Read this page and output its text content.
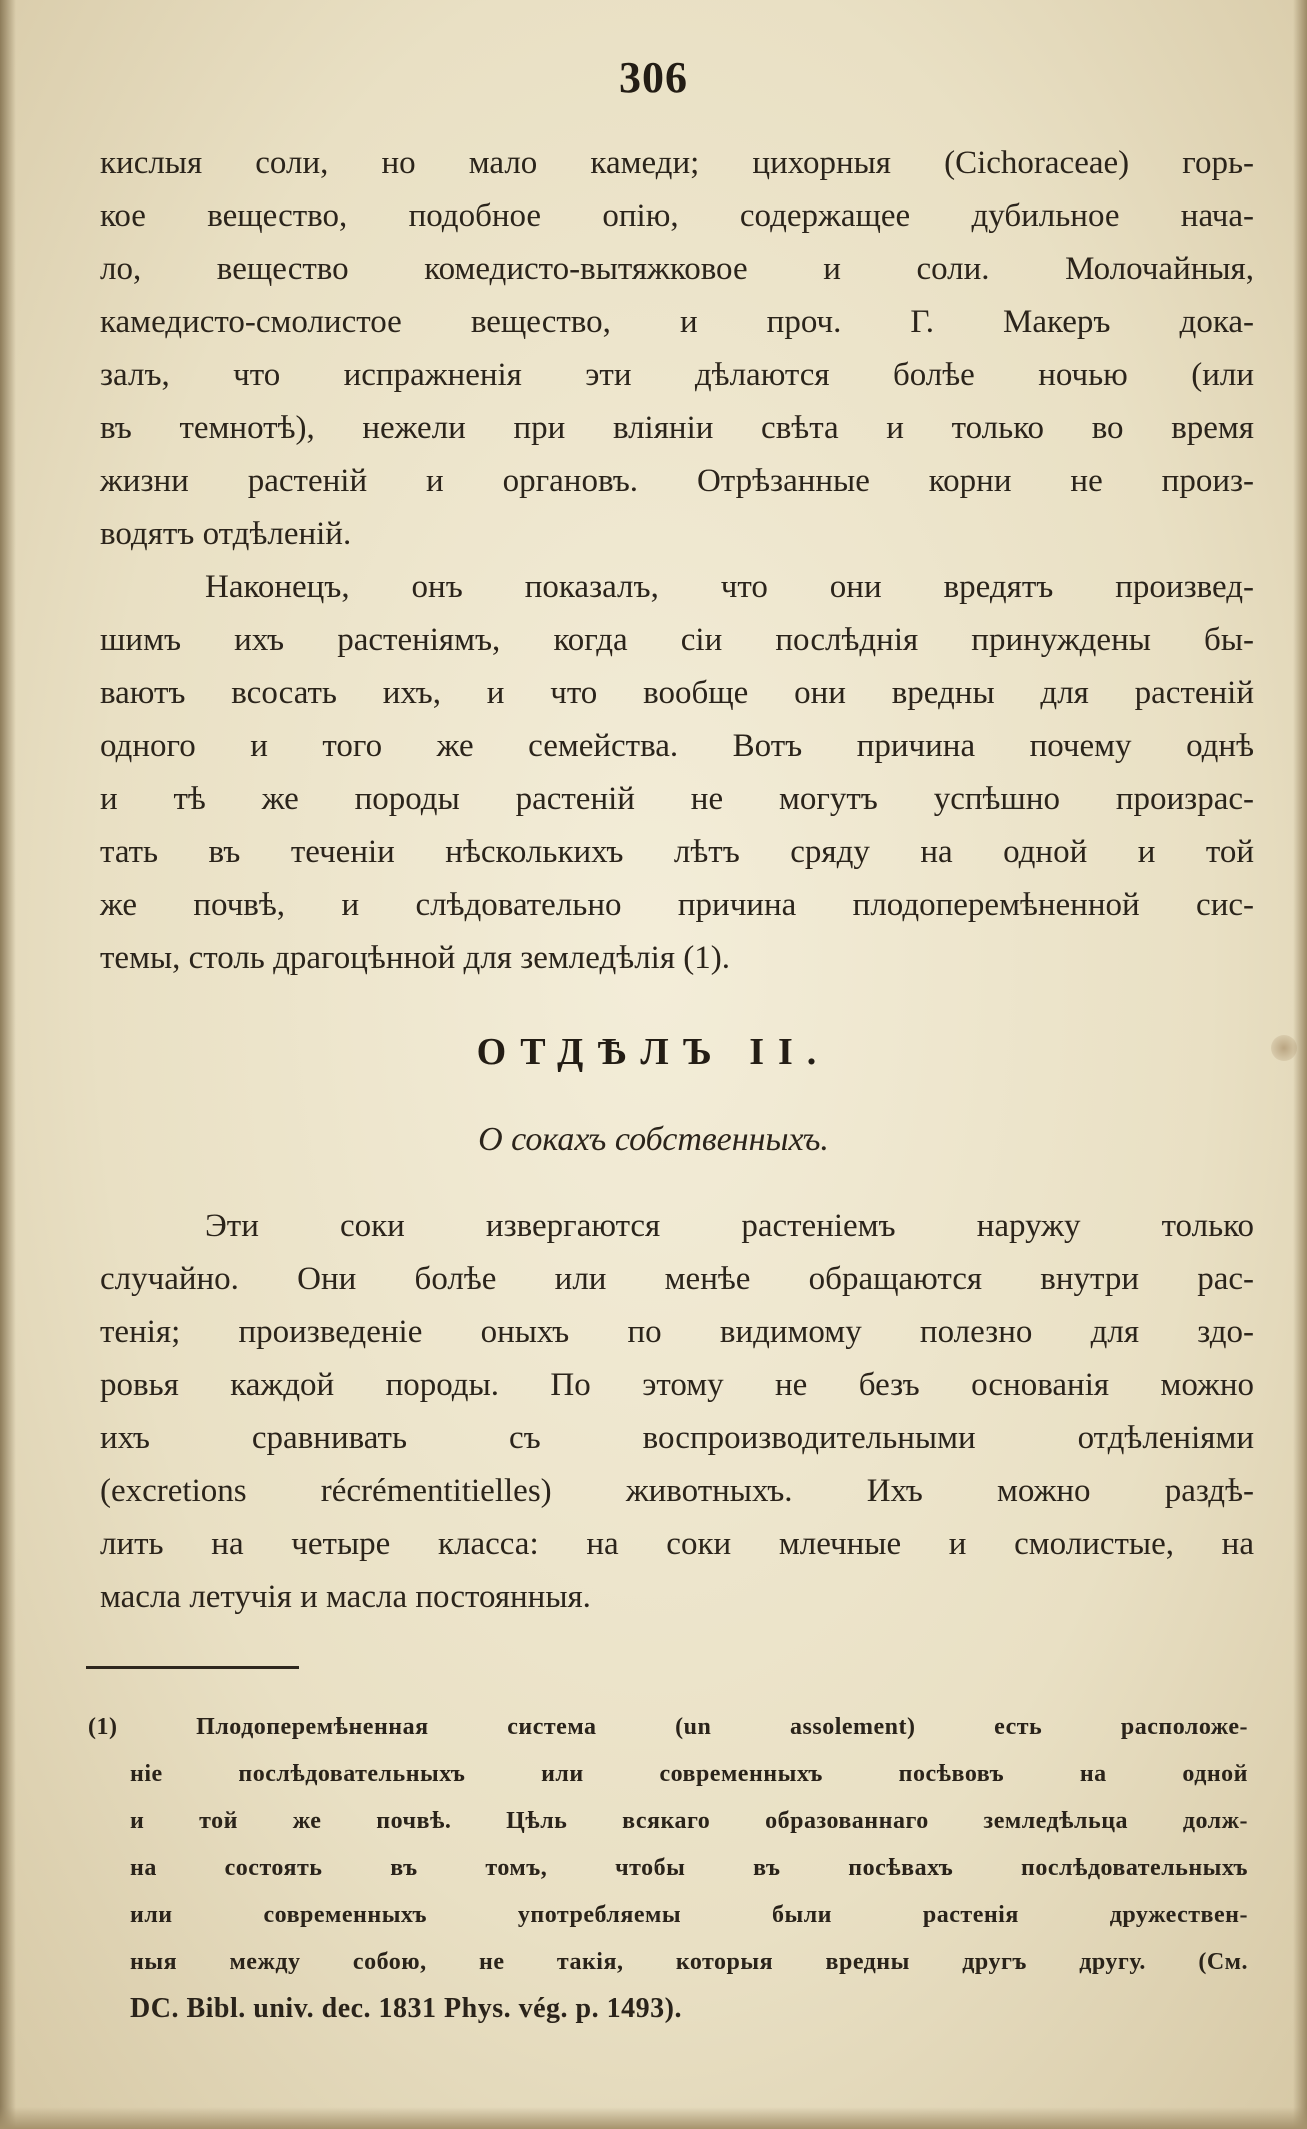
306
кислыя соли, но мало камеди; цихорныя (Cichoraceae) горь-
кое вещество, подобное опію, содержащее дубильное нача-
ло, вещество комедисто-вытяжковое и соли. Молочайныя,
камедисто-смолистое вещество, и проч. Г. Макеръ дока-
залъ, что испражненія эти дѣлаются болѣе ночью (или
въ темнотѣ), нежели при вліяніи свѣта и только во время
жизни растеній и органовъ. Отрѣзанные корни не произ-
водятъ отдѣленій.
Наконецъ, онъ показалъ, что они вредятъ произвед-
шимъ ихъ растеніямъ, когда сіи послѣднія принуждены бы-
ваютъ всосать ихъ, и что вообще они вредны для растеній
одного и того же семейства. Вотъ причина почему однѣ
и тѣ же породы растеній не могутъ успѣшно произрас-
тать въ теченіи нѣсколькихъ лѣтъ сряду на одной и той
же почвѣ, и слѣдовательно причина плодоперемѣненной сис-
темы, столь драгоцѣнной для земледѣлія (1).
ОТДѢЛЪ II.
О сокахъ собственныхъ.
Эти соки извергаются растеніемъ наружу только
случайно. Они болѣе или менѣе обращаются внутри рас-
тенія; произведеніе оныхъ по видимому полезно для здо-
ровья каждой породы. По этому не безъ основанія можно
ихъ сравнивать съ воспроизводительными отдѣленіями
(excretions récrémentitielles) животныхъ. Ихъ можно раздѣ-
лить на четыре класса: на соки млечные и смолистые, на
масла летучія и масла постоянныя.
(1) Плодоперемѣненная система (un assolement) есть расположе-
ніе послѣдовательныхъ или современныхъ посѣвовъ на одной
и той же почвѣ. Цѣль всякаго образованнаго земледѣльца долж-
на состоять въ томъ, чтобы въ посѣвахъ послѣдовательныхъ
или современныхъ употребляемы были растенія дружествен-
ныя между собою, не такія, которыя вредны другъ другу. (См.
DC. Bibl. univ. dec. 1831 Phys. vég. p. 1493).
